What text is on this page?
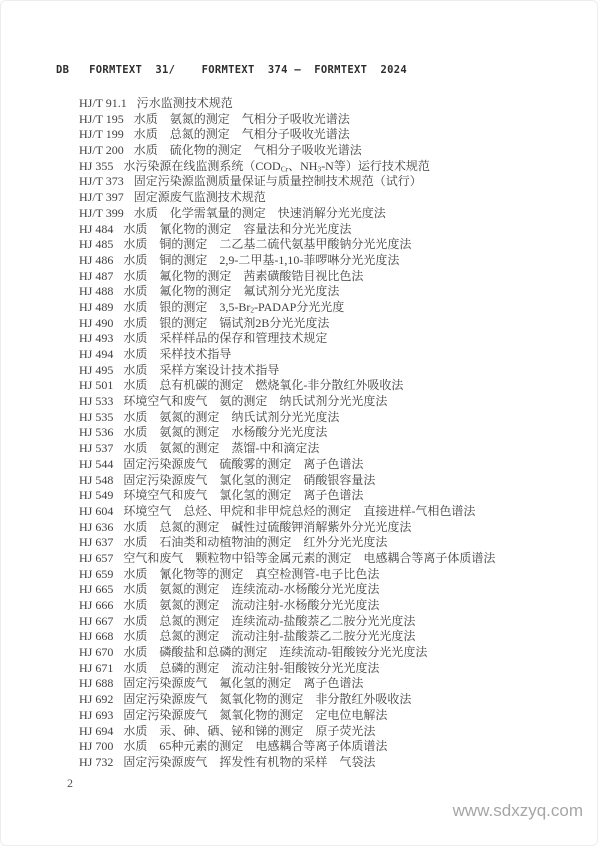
DB   FORMTEXT  31/    FORMTEXT  374 —  FORMTEXT  2024
HJ/T 91.1 污水监测技术规范
HJ/T 195 水质　氨氮的测定　气相分子吸收光谱法
HJ/T 199 水质　总氮的测定　气相分子吸收光谱法
HJ/T 200 水质　硫化物的测定　气相分子吸收光谱法
HJ 355 水污染源在线监测系统（$COD_{Cr}$、$NH_3-N$等）运行技术规范
HJ/T 373 固定污染源监测质量保证与质量控制技术规范（试行）
HJ/T 397 固定源废气监测技术规范
HJ/T 399 水质　化学需氧量的测定　快速消解分光光度法
HJ 484 水质　氰化物的测定　容量法和分光光度法
HJ 485 水质　铜的测定　二乙基二硫代氨基甲酸钠分光光度法
HJ 486 水质　铜的测定　2,9-二甲基-1,10-菲啰啉分光光度法
HJ 487 水质　氟化物的测定　茜素磺酸锆目视比色法
HJ 488 水质　氟化物的测定　氟试剂分光光度法
HJ 489 水质　银的测定　$3,5-Br_2$-PADAP分光光度
HJ 490 水质　银的测定　镉试剂2B分光光度法
HJ 493 水质　采样样品的保存和管理技术规定
HJ 494 水质　采样技术指导
HJ 495 水质　采样方案设计技术指导
HJ 501 水质　总有机碳的测定　燃烧氧化-非分散红外吸收法
HJ 533 环境空气和废气　氨的测定　纳氏试剂分光光度法
HJ 535 水质　氨氮的测定　纳氏试剂分光光度法
HJ 536 水质　氨氮的测定　水杨酸分光光度法
HJ 537 水质　氨氮的测定　蒸馏-中和滴定法
HJ 544 固定污染源废气　硫酸雾的测定　离子色谱法
HJ 548 固定污染源废气　氯化氢的测定　硝酸银容量法
HJ 549 环境空气和废气　氯化氢的测定　离子色谱法
HJ 604 环境空气　总烃、甲烷和非甲烷总烃的测定　直接进样-气相色谱法
HJ 636 水质　总氮的测定　碱性过硫酸钾消解紫外分光光度法
HJ 637 水质　石油类和动植物油的测定　红外分光光度法
HJ 657 空气和废气　颗粒物中铅等金属元素的测定　电感耦合等离子体质谱法
HJ 659 水质　氰化物等的测定　真空检测管-电子比色法
HJ 665 水质　氨氮的测定　连续流动-水杨酸分光光度法
HJ 666 水质　氨氮的测定　流动注射-水杨酸分光光度法
HJ 667 水质　总氮的测定　连续流动-盐酸萘乙二胺分光光度法
HJ 668 水质　总氮的测定　流动注射-盐酸萘乙二胺分光光度法
HJ 670 水质　磷酸盐和总磷的测定　连续流动-钼酸铵分光光度法
HJ 671 水质　总磷的测定　流动注射-钼酸铵分光光度法
HJ 688 固定污染源废气　氟化氢的测定　离子色谱法
HJ 692 固定污染源废气　氮氧化物的测定　非分散红外吸收法
HJ 693 固定污染源废气　氮氧化物的测定　定电位电解法
HJ 694 水质　汞、砷、硒、铋和锑的测定　原子荧光法
HJ 700 水质　65种元素的测定　电感耦合等离子体质谱法
HJ 732 固定污染源废气　挥发性有机物的采样　气袋法
2
www.sdxzyq.com
